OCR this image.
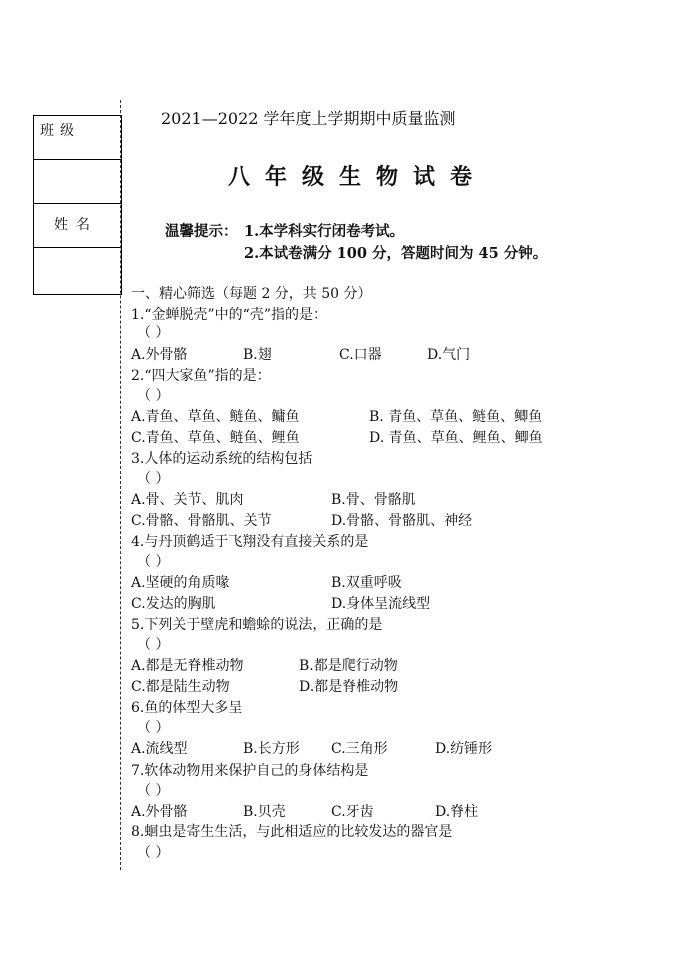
班级
姓名
2021—2022 学年度上学期期中质量监测
八年级生物试卷
温馨提示： 1.本学科实行闭卷考试。
2.本试卷满分 100 分，答题时间为 45 分钟。
一、精心筛选（每题 2 分，共 50 分）
1.“金蝉脱壳”中的“壳”指的是：
（ ）
A.外骨骼	B.翅	C.口器	D.气门
2.“四大家鱼”指的是：
（ ）
A.青鱼、草鱼、鲢鱼、鳙鱼	B. 青鱼、草鱼、鲢鱼、鲫鱼
C.青鱼、草鱼、鲢鱼、鲤鱼	D. 青鱼、草鱼、鲤鱼、鲫鱼
3.人体的运动系统的结构包括
（ ）
A.骨、关节、肌肉	B.骨、骨骼肌
C.骨骼、骨骼肌、关节	D.骨骼、骨骼肌、神经
4.与丹顶鹤适于飞翔没有直接关系的是
（ ）
A.坚硬的角质喙	B.双重呼吸
C.发达的胸肌	D.身体呈流线型
5.下列关于壁虎和蟾蜍的说法，正确的是
（ ）
A.都是无脊椎动物	B.都是爬行动物
C.都是陆生动物	D.都是脊椎动物
6.鱼的体型大多呈
（ ）
A.流线型	B.长方形 C.三角形	D.纺锤形
7.软体动物用来保护自己的身体结构是
（ ）
A.外骨骼	B.贝壳	C.牙齿	D.脊柱
8.蛔虫是寄生生活，与此相适应的比较发达的器官是
（ ）
